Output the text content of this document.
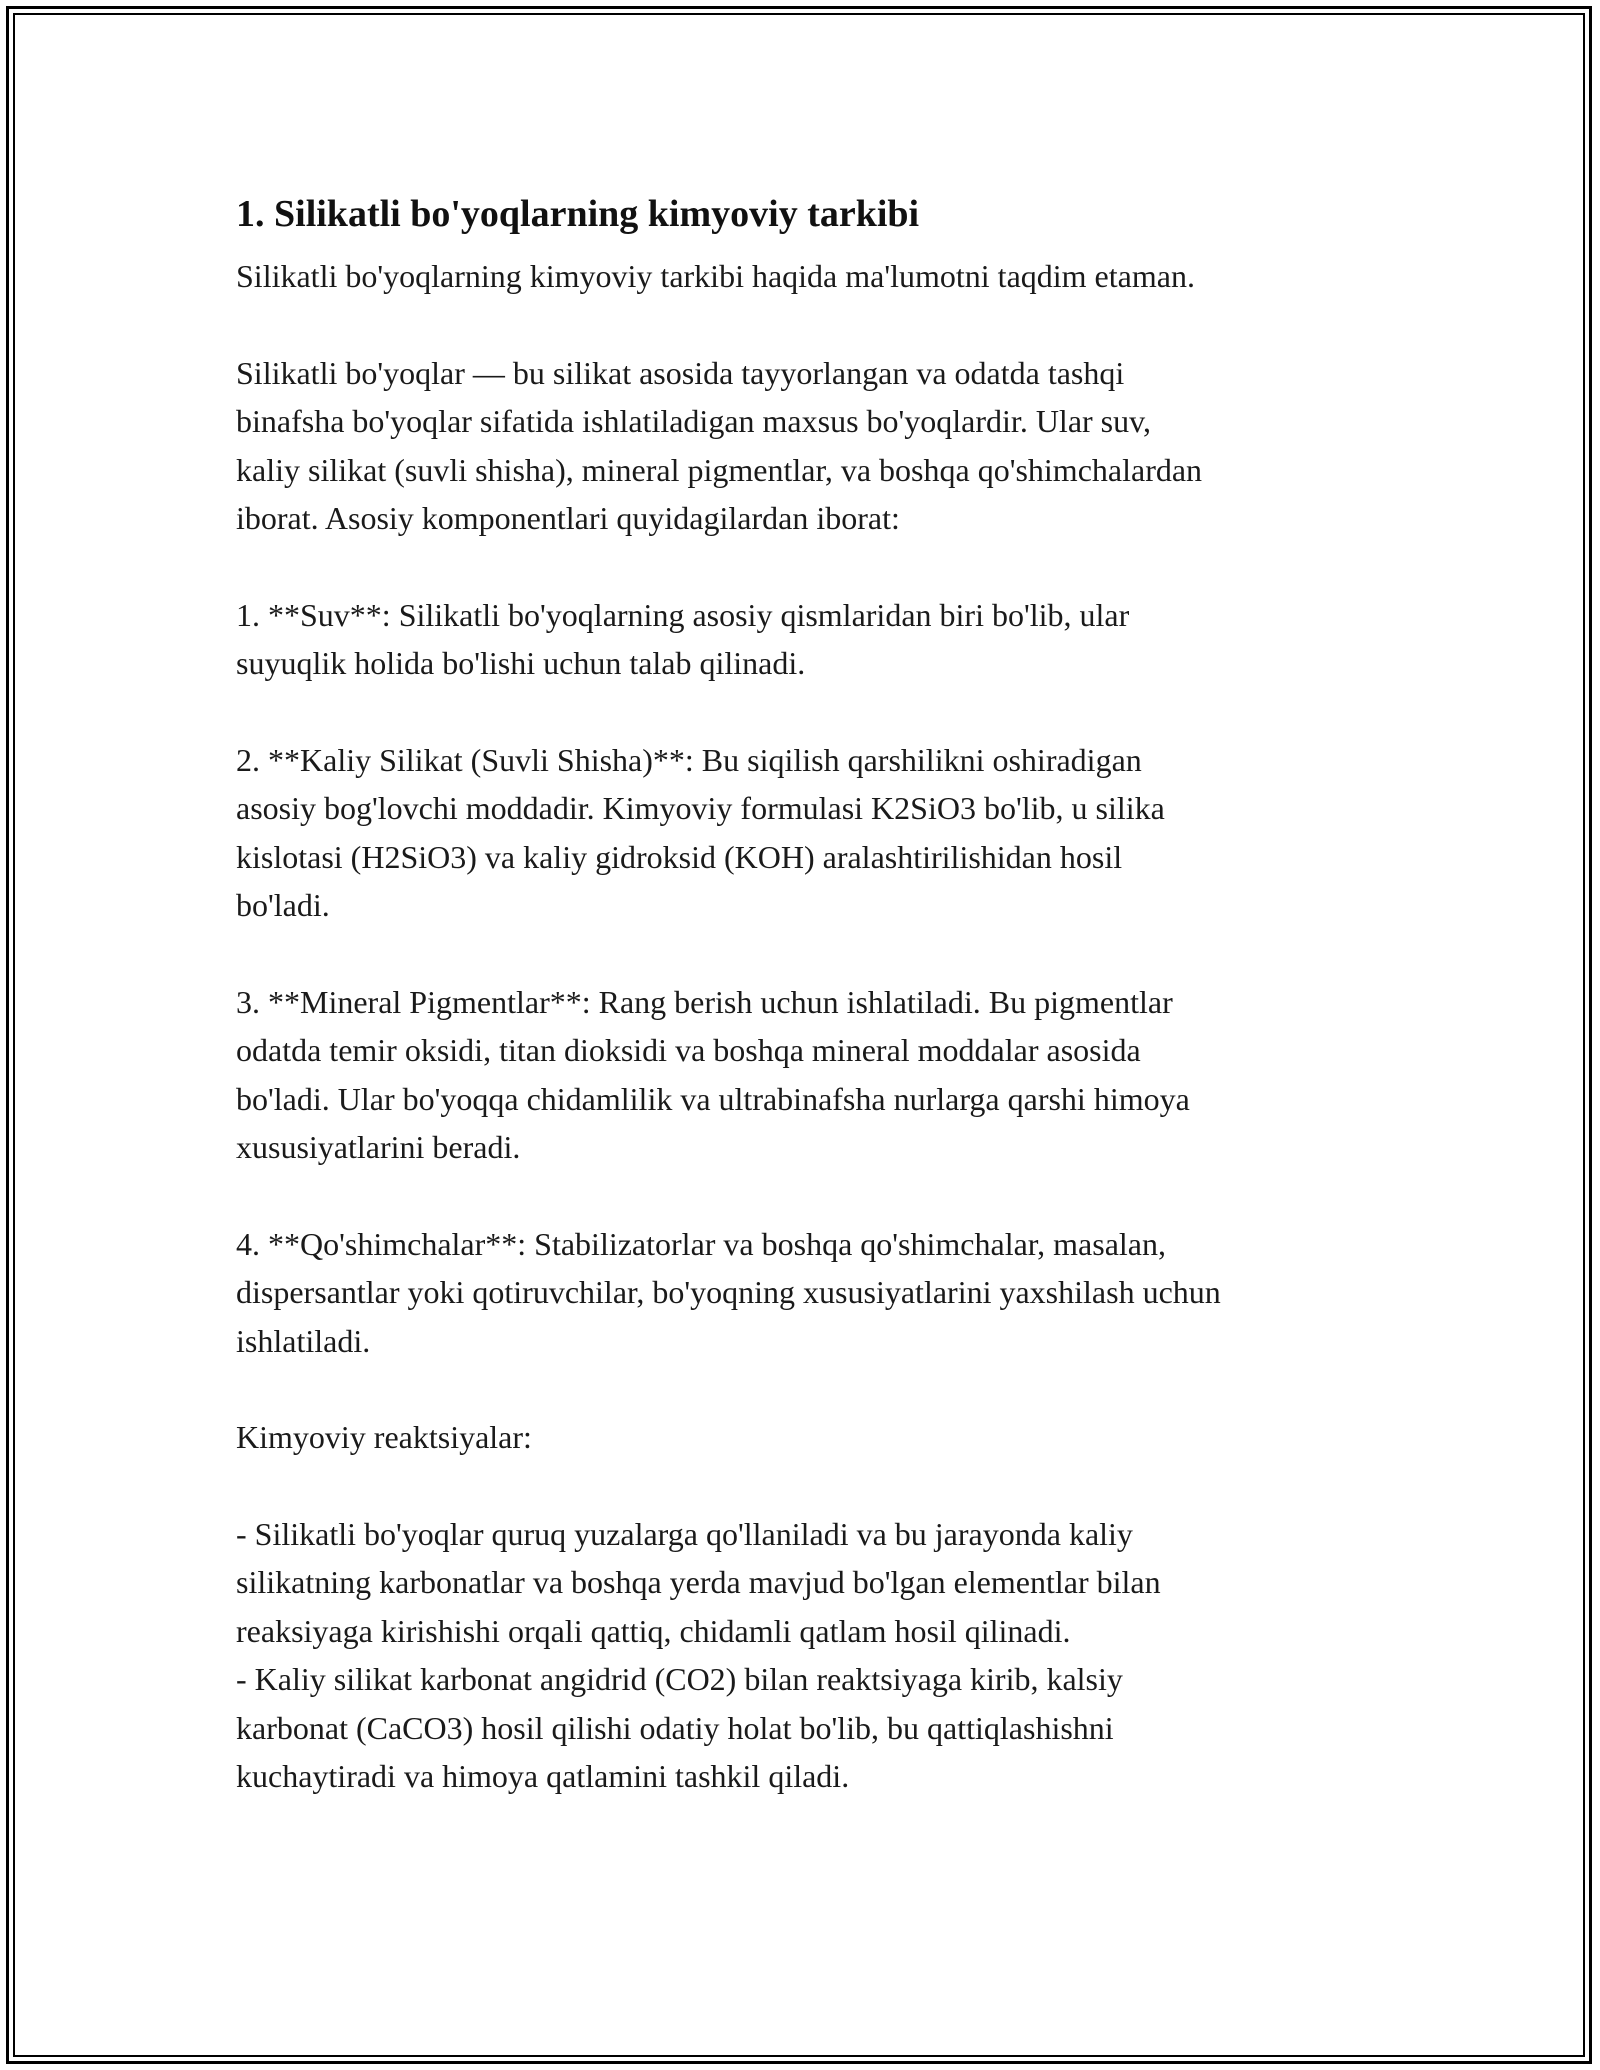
1. Silikatli bo'yoqlarning kimyoviy tarkibi

Silikatli bo'yoqlarning kimyoviy tarkibi haqida ma'lumotni taqdim etaman.

Silikatli bo'yoqlar — bu silikat asosida tayyorlangan va odatda tashqi
binafsha bo'yoqlar sifatida ishlatiladigan maxsus bo'yoqlardir. Ular suv,
kaliy silikat (suvli shisha), mineral pigmentlar, va boshqa qo'shimchalardan
iborat. Asosiy komponentlari quyidagilardan iborat:

1. **Suv**: Silikatli bo'yoqlarning asosiy qismlaridan biri bo'lib, ular
suyuqlik holida bo'lishi uchun talab qilinadi.

2. **Kaliy Silikat (Suvli Shisha)**: Bu siqilish qarshilikni oshiradigan
asosiy bog'lovchi moddadir. Kimyoviy formulasi K2SiO3 bo'lib, u silika
kislotasi (H2SiO3) va kaliy gidroksid (KOH) aralashtirilishidan hosil
bo'ladi.

3. **Mineral Pigmentlar**: Rang berish uchun ishlatiladi. Bu pigmentlar
odatda temir oksidi, titan dioksidi va boshqa mineral moddalar asosida
bo'ladi. Ular bo'yoqqa chidamlilik va ultrabinafsha nurlarga qarshi himoya
xususiyatlarini beradi.

4. **Qo'shimchalar**: Stabilizatorlar va boshqa qo'shimchalar, masalan,
dispersantlar yoki qotiruvchilar, bo'yoqning xususiyatlarini yaxshilash uchun
ishlatiladi.

Kimyoviy reaktsiyalar:

- Silikatli bo'yoqlar quruq yuzalarga qo'llaniladi va bu jarayonda kaliy
silikatning karbonatlar va boshqa yerda mavjud bo'lgan elementlar bilan
reaksiyaga kirishishi orqali qattiq, chidamli qatlam hosil qilinadi.
- Kaliy silikat karbonat angidrid (CO2) bilan reaktsiyaga kirib, kalsiy
karbonat (CaCO3) hosil qilishi odatiy holat bo'lib, bu qattiqlashishni
kuchaytiradi va himoya qatlamini tashkil qiladi.
